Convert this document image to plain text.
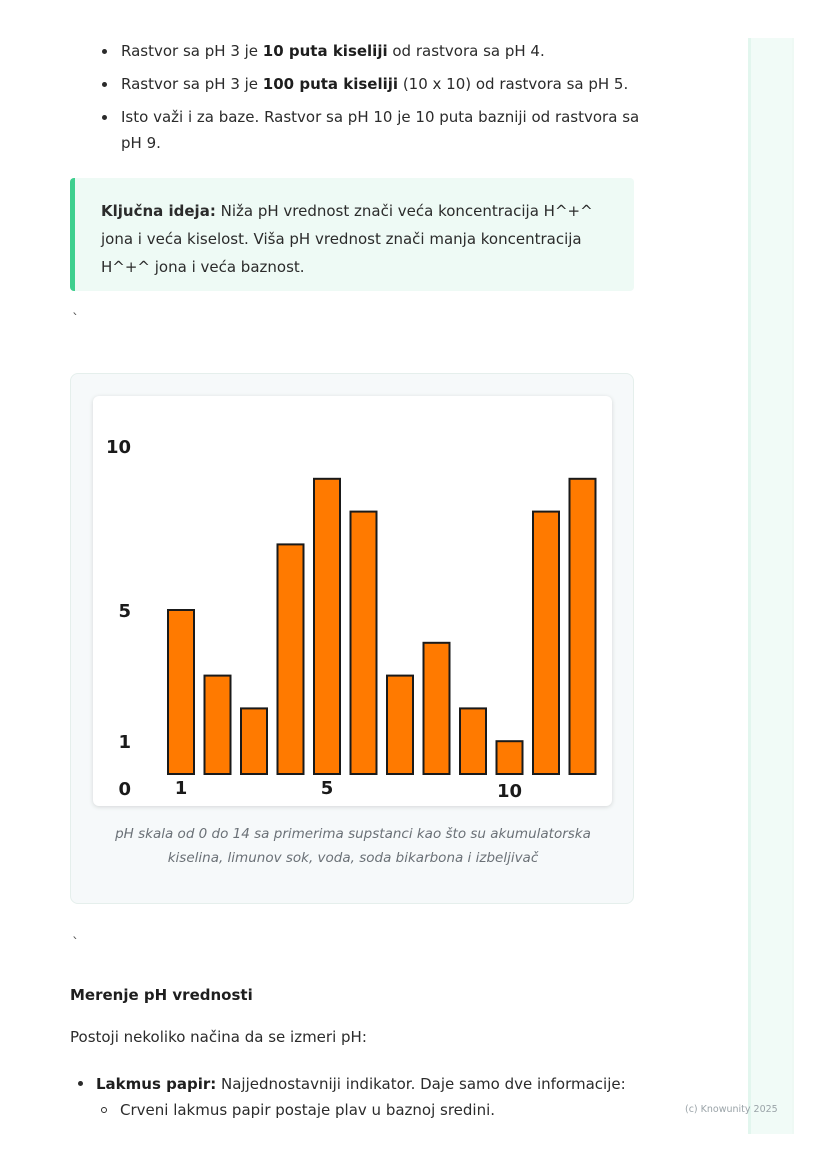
Rastvor sa pH 3 je 10 puta kiseliji od rastvora sa pH 4.
Rastvor sa pH 3 je 100 puta kiseliji (10 x 10) od rastvora sa pH 5.
Isto važi i za baze. Rastvor sa pH 10 je 10 puta bazniji od rastvora sa pH 9.
Ključna ideja: Niža pH vrednost znači veća koncentracija H^+^ jona i veća kiselost. Viša pH vrednost znači manja koncentracija H^+^ jona i veća baznost.
`
0
1
5
10
1	5	10
pH skala od 0 do 14 sa primerima supstanci kao što su akumulatorska kiselina, limunov sok, voda, soda bikarbona i izbeljivač
`
Merenje pH vrednosti
Postoji nekoliko načina da se izmeri pH:
Lakmus papir: Najjednostavniji indikator. Daje samo dve informacije:
Crveni lakmus papir postaje plav u baznoj sredini.	(c) Knowunity 2025
